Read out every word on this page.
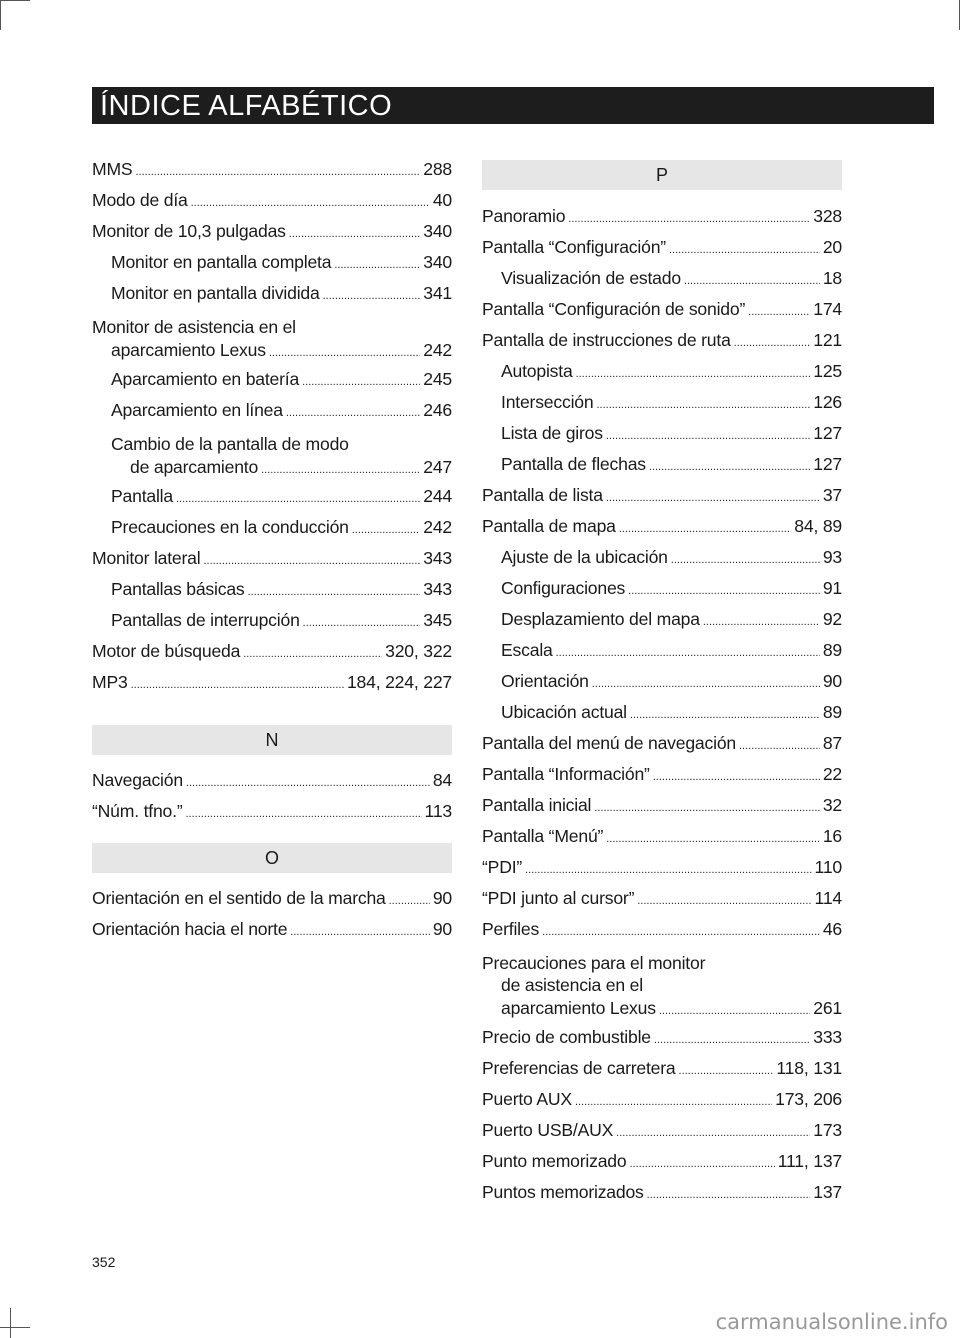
ÍNDICE ALFABÉTICO
MMS .....	288
Modo de día .....	40
Monitor de 10,3 pulgadas .....	340
Monitor en pantalla completa .....	340
Monitor en pantalla dividida .....	341
Monitor de asistencia en el
aparcamiento Lexus .....	242
Aparcamiento en batería .....	245
Aparcamiento en línea .....	246
Cambio de la pantalla de modo
de aparcamiento .....	247
Pantalla .....	244
Precauciones en la conducción .....	242
Monitor lateral .....	343
Pantallas básicas .....	343
Pantallas de interrupción .....	345
Motor de búsqueda .....	320, 322
MP3 .....	184, 224, 227
N
Navegación .....	84
“Núm. tfno.” .....	113
O
Orientación en el sentido de la marcha .....	90
Orientación hacia el norte .....	90
P
Panoramio .....	328
Pantalla “Configuración” .....	20
Visualización de estado .....	18
Pantalla “Configuración de sonido” .....	174
Pantalla de instrucciones de ruta .....	121
Autopista .....	125
Intersección .....	126
Lista de giros .....	127
Pantalla de flechas .....	127
Pantalla de lista .....	37
Pantalla de mapa .....	84, 89
Ajuste de la ubicación .....	93
Configuraciones .....	91
Desplazamiento del mapa .....	92
Escala .....	89
Orientación .....	90
Ubicación actual .....	89
Pantalla del menú de navegación .....	87
Pantalla “Información” .....	22
Pantalla inicial .....	32
Pantalla “Menú” .....	16
“PDI” .....	110
“PDI junto al cursor” .....	114
Perfiles .....	46
Precauciones para el monitor
de asistencia en el
aparcamiento Lexus .....	261
Precio de combustible .....	333
Preferencias de carretera .....	118, 131
Puerto AUX .....	173, 206
Puerto USB/AUX .....	173
Punto memorizado .....	111, 137
Puntos memorizados .....	137
352
carmanualsonline.info
